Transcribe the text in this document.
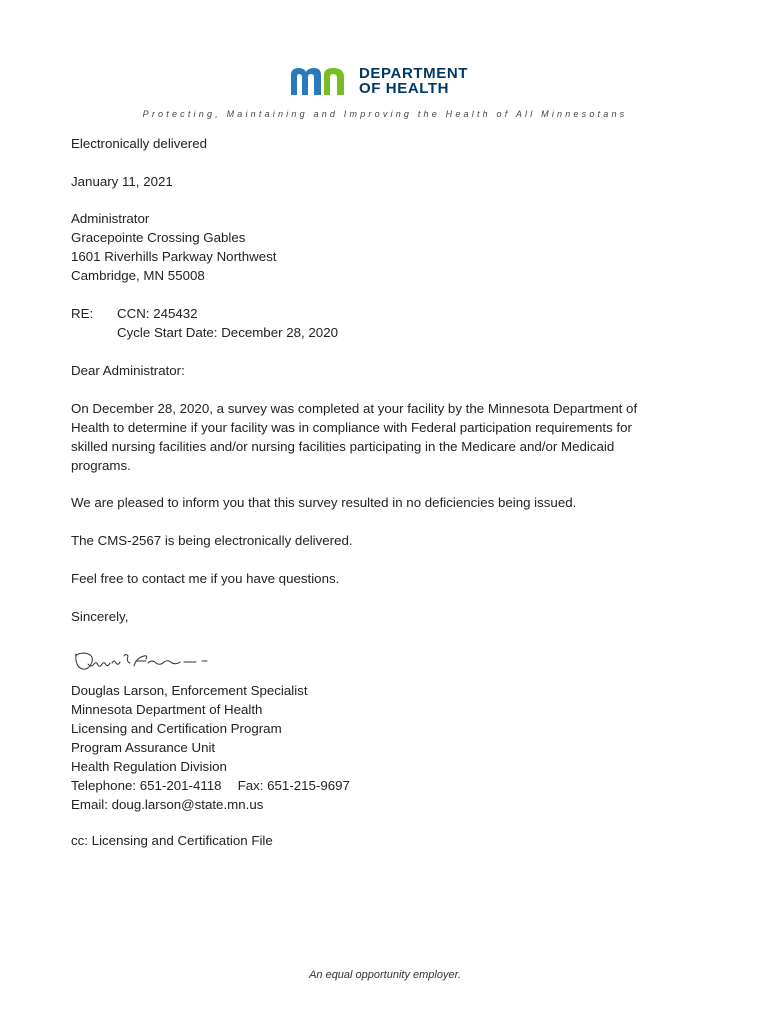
DEPARTMENT
OF HEALTH
Protecting, Maintaining and Improving the Health of All Minnesotans
Electronically delivered
January 11, 2021

Administrator

Gracepointe Crossing Gables

1601 Riverhills Parkway Northwest

Cambridge, MN 55008

RE: CCN: 245432

Cycle Start Date: December 28, 2020

Dear Administrator:
On December 28, 2020, a survey was completed at your facility by the Minnesota Department of Health to determine if your facility was in compliance with Federal participation requirements for skilled nursing facilities and/or nursing facilities participating in the Medicare and/or Medicaid programs.
We are pleased to inform you that this survey resulted in no deficiencies being issued.
The CMS-2567 is being electronically delivered.
Feel free to contact me if you have questions.
Sincerely,

Douglas Larson, Enforcement Specialist

Minnesota Department of Health

Licensing and Certification Program

Program Assurance Unit

Health Regulation Division

Telephone: 651-201-4118 Fax: 651-215-9697

Email: doug.larson@state.mn.us

cc: Licensing and Certification File
An equal opportunity employer.
